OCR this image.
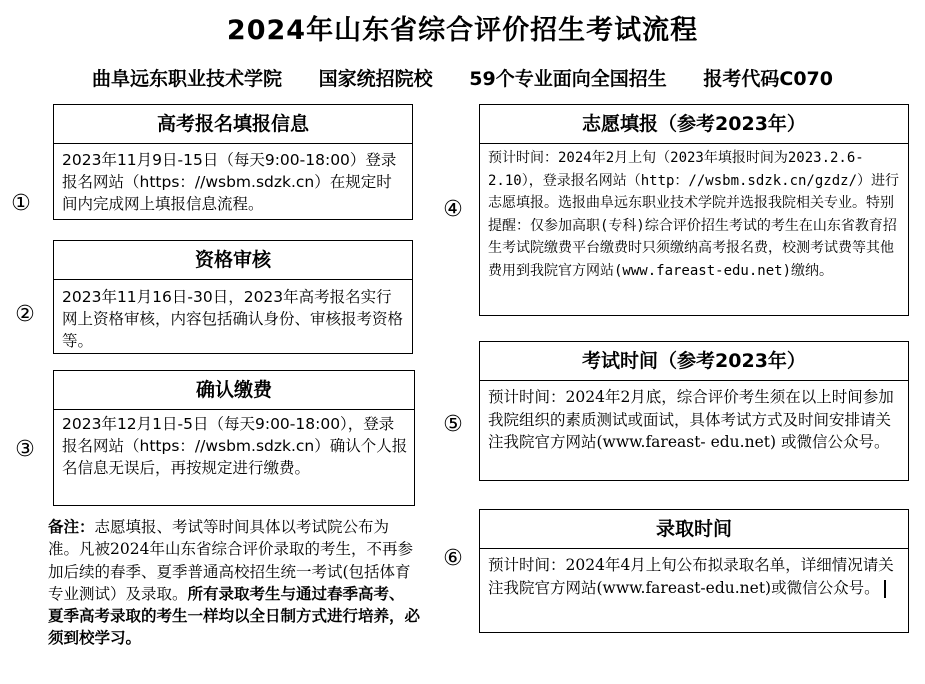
2024年山东省综合评价招生考试流程
曲阜远东职业技术学院 国家统招院校 59个专业面向全国招生 报考代码C070
①
高考报名填报信息
2023年11月9日-15日（每天9:00-18:00）登录报名网站（https：//wsbm.sdzk.cn）在规定时间内完成网上填报信息流程。
②
资格审核
2023年11月16日-30日，2023年高考报名实行网上资格审核，内容包括确认身份、审核报考资格等。
③
确认缴费
2023年12月1日-5日（每天9:00-18:00），登录报名网站（https：//wsbm.sdzk.cn）确认个人报名信息无误后，再按规定进行缴费。
④
志愿填报（参考2023年）
预计时间：2024年2月上旬（2023年填报时间为2023.2.6-2.10），登录报名网站（http：//wsbm.sdzk.cn/gzdz/）进行志愿填报。选报曲阜远东职业技术学院并选报我院相关专业。特别提醒：仅参加高职(专科)综合评价招生考试的考生在山东省教育招生考试院缴费平台缴费时只须缴纳高考报名费，校测考试费等其他费用到我院官方网站(www.fareast-edu.net)缴纳。
⑤
考试时间（参考2023年）
预计时间：2024年2月底，综合评价考生须在以上时间参加我院组织的素质测试或面试，具体考试方式及时间安排请关注我院官方网站(www.fareast- edu.net) 或微信公众号。
⑥
录取时间
预计时间：2024年4月上旬公布拟录取名单，详细情况请关注我院官方网站(www.fareast-edu.net)或微信公众号。
备注：志愿填报、考试等时间具体以考试院公布为准。凡被2024年山东省综合评价录取的考生，不再参加后续的春季、夏季普通高校招生统一考试(包括体育专业测试）及录取。所有录取考生与通过春季高考、夏季高考录取的考生一样均以全日制方式进行培养，必须到校学习。
